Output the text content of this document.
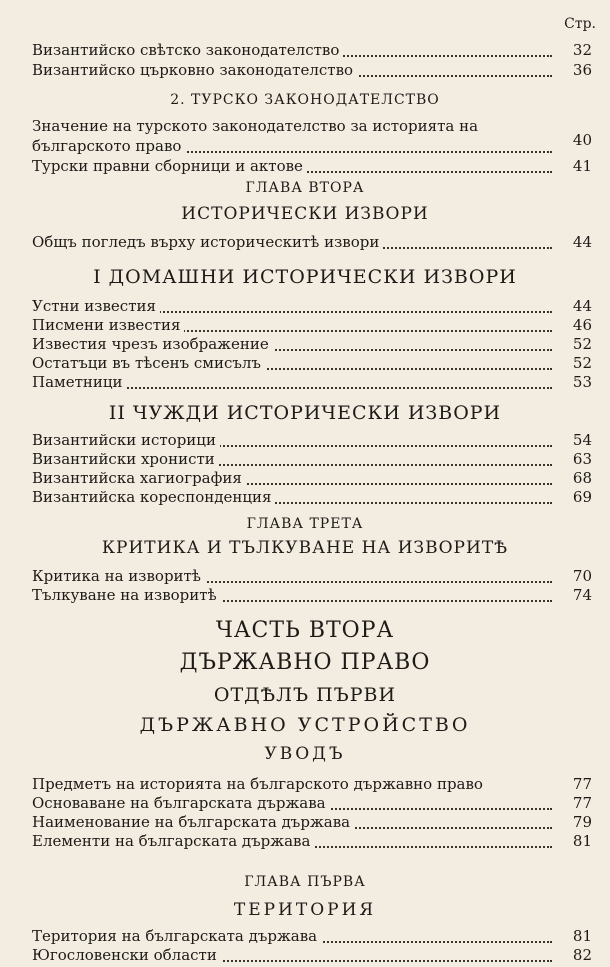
Стр.
Византийско свѣтско законодателство	32
Византийско църковно законодателство	36
2. ТУРСКО ЗАКОНОДАТЕЛСТВО
Значение на турското законодателство за историята на
българското право	40
Турски правни сборници и актове	41
ГЛАВА ВТОРА
ИСТОРИЧЕСКИ ИЗВОРИ
Общъ погледъ върху историческитѣ извори	44
I ДОМАШНИ ИСТОРИЧЕСКИ ИЗВОРИ
Устни известия	44
Писмени известия	46
Известия чрезъ изображение	52
Остатъци въ тѣсенъ смисълъ	52
Паметници	53
II ЧУЖДИ ИСТОРИЧЕСКИ ИЗВОРИ
Византийски историци	54
Византийски хронисти	63
Византийска хагиография	68
Византийска кореспонденция	69
ГЛАВА ТРЕТА
КРИТИКА И ТЪЛКУВАНЕ НА ИЗВОРИТѢ
Критика на изворитѣ	70
Тълкуване на изворитѣ	74
ЧАСТЬ ВТОРА
ДЪРЖАВНО ПРАВО
ОТДѢЛЪ ПЪРВИ
ДЪРЖАВНО УСТРОЙСТВО
УВОДЪ
Предметъ на историята на българското държавно право	77
Основаване на българската държава	77
Наименование на българската държава	79
Елементи на българската държава	81
ГЛАВА ПЪРВА
ТЕРИТОРИЯ
Територия на българската държава	81
Югословенски области	82
